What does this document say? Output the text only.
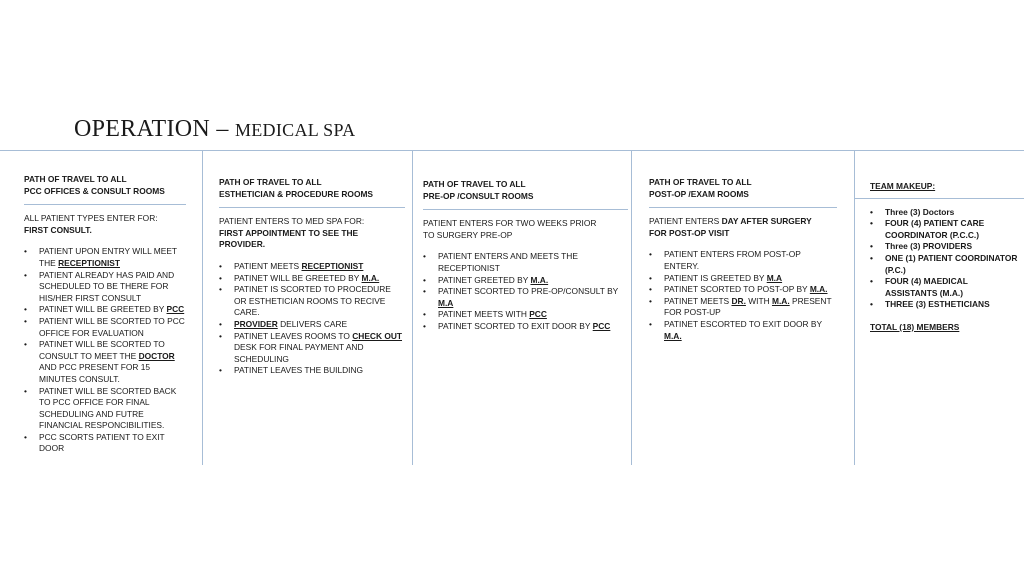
OPERATION – MEDICAL SPA
PATH OF TRAVEL TO ALL
PCC OFFICES & CONSULT ROOMS
ALL PATIENT TYPES ENTER FOR:
FIRST CONSULT.
• PATIENT UPON ENTRY WILL MEET
THE RECEPTIONIST
• PATIENT ALREADY HAS PAID AND SCHEDULED TO BE THERE FOR HIS/HER FIRST CONSULT
• PATINET WILL BE GREETED BY PCC
• PATIENT WILL BE SCORTED TO PCC OFFICE FOR EVALUATION
• PATINET WILL BE SCORTED TO CONSULT TO MEET THE DOCTOR AND PCC PRESENT FOR 15 MINUTES CONSULT.
• PATINET WILL BE SCORTED BACK TO PCC OFFICE FOR FINAL SCHEDULING AND FUTRE FINANCIAL RESPONCIBILITIES.
• PCC SCORTS PATIENT TO EXIT DOOR
PATH OF TRAVEL TO ALL
ESTHETICIAN & PROCEDURE ROOMS
PATIENT ENTERS TO MED SPA FOR:
FIRST APPOINTMENT TO SEE THE PROVIDER.
• PATIENT MEETS RECEPTIONIST
• PATINET WILL BE GREETED BY M.A.
• PATINET IS SCORTED TO PROCEDURE OR ESTHETICIAN ROOMS TO RECIVE CARE.
• PROVIDER DELIVERS CARE
• PATINET LEAVES ROOMS TO CHECK OUT DESK FOR FINAL PAYMENT AND SCHEDULING
• PATINET LEAVES THE BUILDING
PATH OF TRAVEL TO ALL
PRE-OP /CONSULT ROOMS
PATIENT ENTERS FOR TWO WEEKS PRIOR TO SURGERY PRE-OP
• PATIENT ENTERS AND MEETS THE RECEPTIONIST
• PATINET GREETED BY M.A.
• PATINET SCORTED TO PRE-OP/CONSULT BY M.A
• PATINET MEETS WITH PCC
• PATINET SCORTED TO EXIT DOOR BY PCC
PATH OF TRAVEL TO ALL
POST-OP /EXAM ROOMS
PATIENT ENTERS DAY AFTER SURGERY FOR POST-OP VISIT
• PATIENT ENTERS FROM POST-OP ENTERY.
• PATIENT IS GREETED BY M.A
• PATINET SCORTED TO POST-OP BY M.A.
• PATINET MEETS DR. WITH M.A. PRESENT FOR POST-UP
• PATINET ESCORTED TO EXIT DOOR BY M.A.
TEAM MAKEUP:
• Three (3) Doctors
• FOUR (4) PATIENT CARE COORDINATOR (P.C.C.)
• Three (3) PROVIDERS
• ONE (1) PATIENT COORDINATOR (P.C.)
• FOUR (4) MAEDICAL ASSISTANTS (M.A.)
• THREE (3) ESTHETICIANS
TOTAL (18) MEMBERS
